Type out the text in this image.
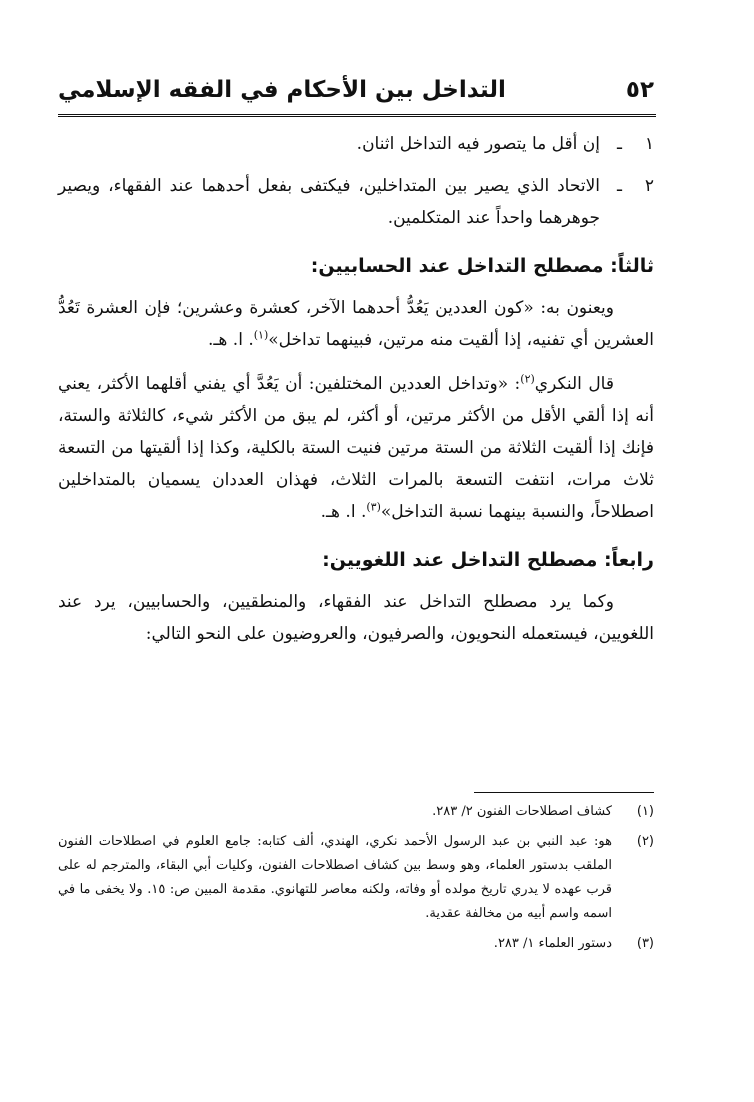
٥٢
التداخل بين الأحكام في الفقه الإسلامي
١
ـ
إن أقل ما يتصور فيه التداخل اثنان.
٢
ـ
الاتحاد الذي يصير بين المتداخلين، فيكتفى بفعل أحدهما عند الفقهاء، ويصير جوهرهما واحداً عند المتكلمين.
ثالثاً: مصطلح التداخل عند الحسابيين:

ويعنون به: «كون العددين يَعُدُّ أحدهما الآخر، كعشرة وعشرين؛ فإن العشرة تَعُدُّ العشرين أي تفنيه، إذا ألقيت منه مرتين، فبينهما تداخل»$^{(١)}$. ا. هـ.

قال النكري$^{(٢)}$: «وتداخل العددين المختلفين: أن يَعُدَّ أي يفني أقلهما الأكثر، يعني أنه إذا ألقي الأقل من الأكثر مرتين، أو أكثر، لم يبق من الأكثر شيء، كالثلاثة والستة، فإنك إذا ألقيت الثلاثة من الستة مرتين فنيت الستة بالكلية، وكذا إذا ألقيتها من التسعة ثلاث مرات، انتفت التسعة بالمرات الثلاث، فهذان العددان يسميان بالمتداخلين اصطلاحاً، والنسبة بينهما نسبة التداخل»$^{(٣)}$. ا. هـ.

رابعاً: مصطلح التداخل عند اللغويين:

وكما يرد مصطلح التداخل عند الفقهاء، والمنطقيين، والحسابيين، يرد عند اللغويين، فيستعمله النحويون، والصرفيون، والعروضيون على النحو التالي:

(١)
كشاف اصطلاحات الفنون ٢/ ٢٨٣.
(٢)
هو: عبد النبي بن عبد الرسول الأحمد نكري، الهندي، ألف كتابه: جامع العلوم في اصطلاحات الفنون الملقب بدستور العلماء، وهو وسط بين كشاف اصطلاحات الفنون، وكليات أبي البقاء، والمترجم له على قرب عهده لا يدري تاريخ مولده أو وفاته، ولكنه معاصر للتهانوي. مقدمة المبين ص: ١٥. ولا يخفى ما في اسمه واسم أبيه من مخالفة عقدية.
(٣)
دستور العلماء ١/ ٢٨٣.
